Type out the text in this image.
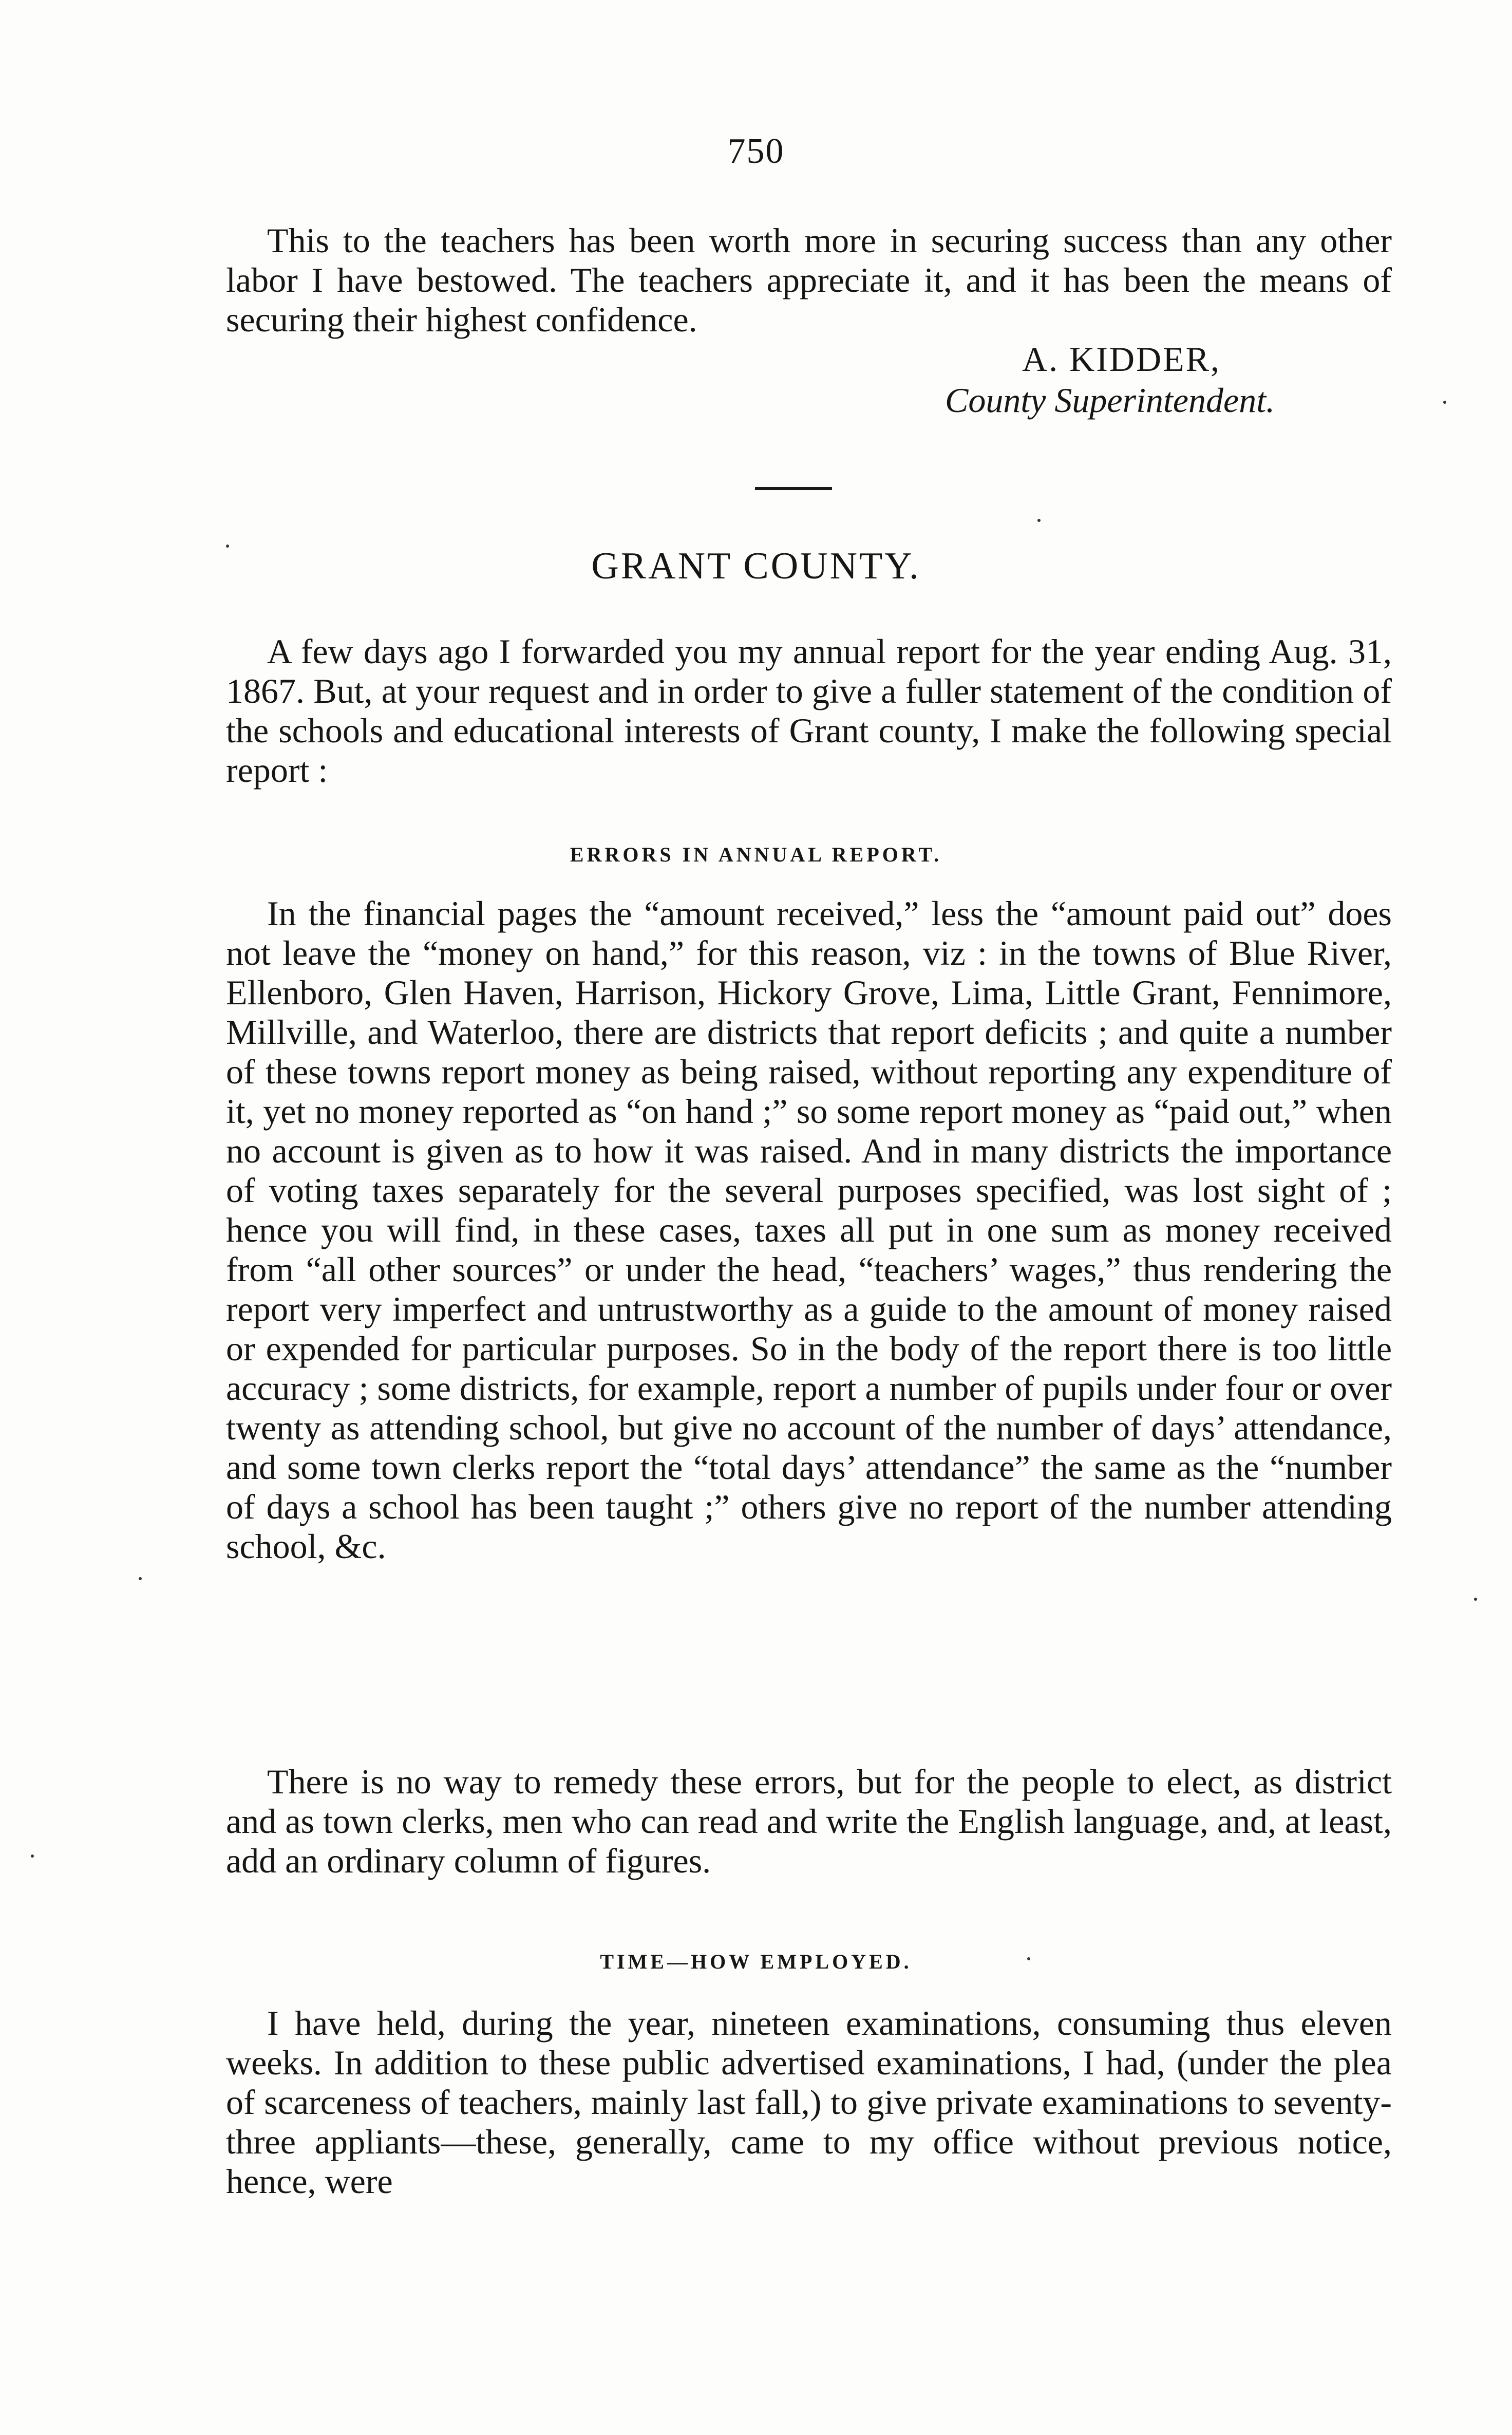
750

This to the teachers has been worth more in securing success than any other labor I have bestowed. The teachers appreciate it, and it has been the means of securing their highest confidence.

A. KIDDER,
County Superintendent.
GRANT COUNTY.

A few days ago I forwarded you my annual report for the year ending Aug. 31, 1867. But, at your request and in order to give a fuller statement of the condition of the schools and educational interests of Grant county, I make the following special report :

ERRORS IN ANNUAL REPORT.

In the financial pages the “amount received,” less the “amount paid out” does not leave the “money on hand,” for this reason, viz : in the towns of Blue River, Ellenboro, Glen Haven, Harrison, Hickory Grove, Lima, Little Grant, Fennimore, Millville, and Waterloo, there are districts that report deficits ; and quite a number of these towns report money as being raised, without reporting any expenditure of it, yet no money reported as “on hand ;” so some report money as “paid out,” when no account is given as to how it was raised. And in many districts the importance of voting taxes separately for the several purposes specified, was lost sight of ; hence you will find, in these cases, taxes all put in one sum as money received from “all other sources” or under the head, “teachers’ wages,” thus rendering the report very imperfect and untrustworthy as a guide to the amount of money raised or expended for particular purposes. So in the body of the report there is too little accuracy ; some districts, for example, report a number of pupils under four or over twenty as attending school, but give no account of the number of days’ attendance, and some town clerks report the “total days’ attendance” the same as the “number of days a school has been taught ;” others give no report of the number attending school, &c.

There is no way to remedy these errors, but for the people to elect, as district and as town clerks, men who can read and write the English language, and, at least, add an ordinary column of figures.

TIME—HOW EMPLOYED.

I have held, during the year, nineteen examinations, consuming thus eleven weeks. In addition to these public advertised examinations, I had, (under the plea of scarceness of teachers, mainly last fall,) to give private examinations to seventy-three appliants—these, generally, came to my office without previous notice, hence, were
